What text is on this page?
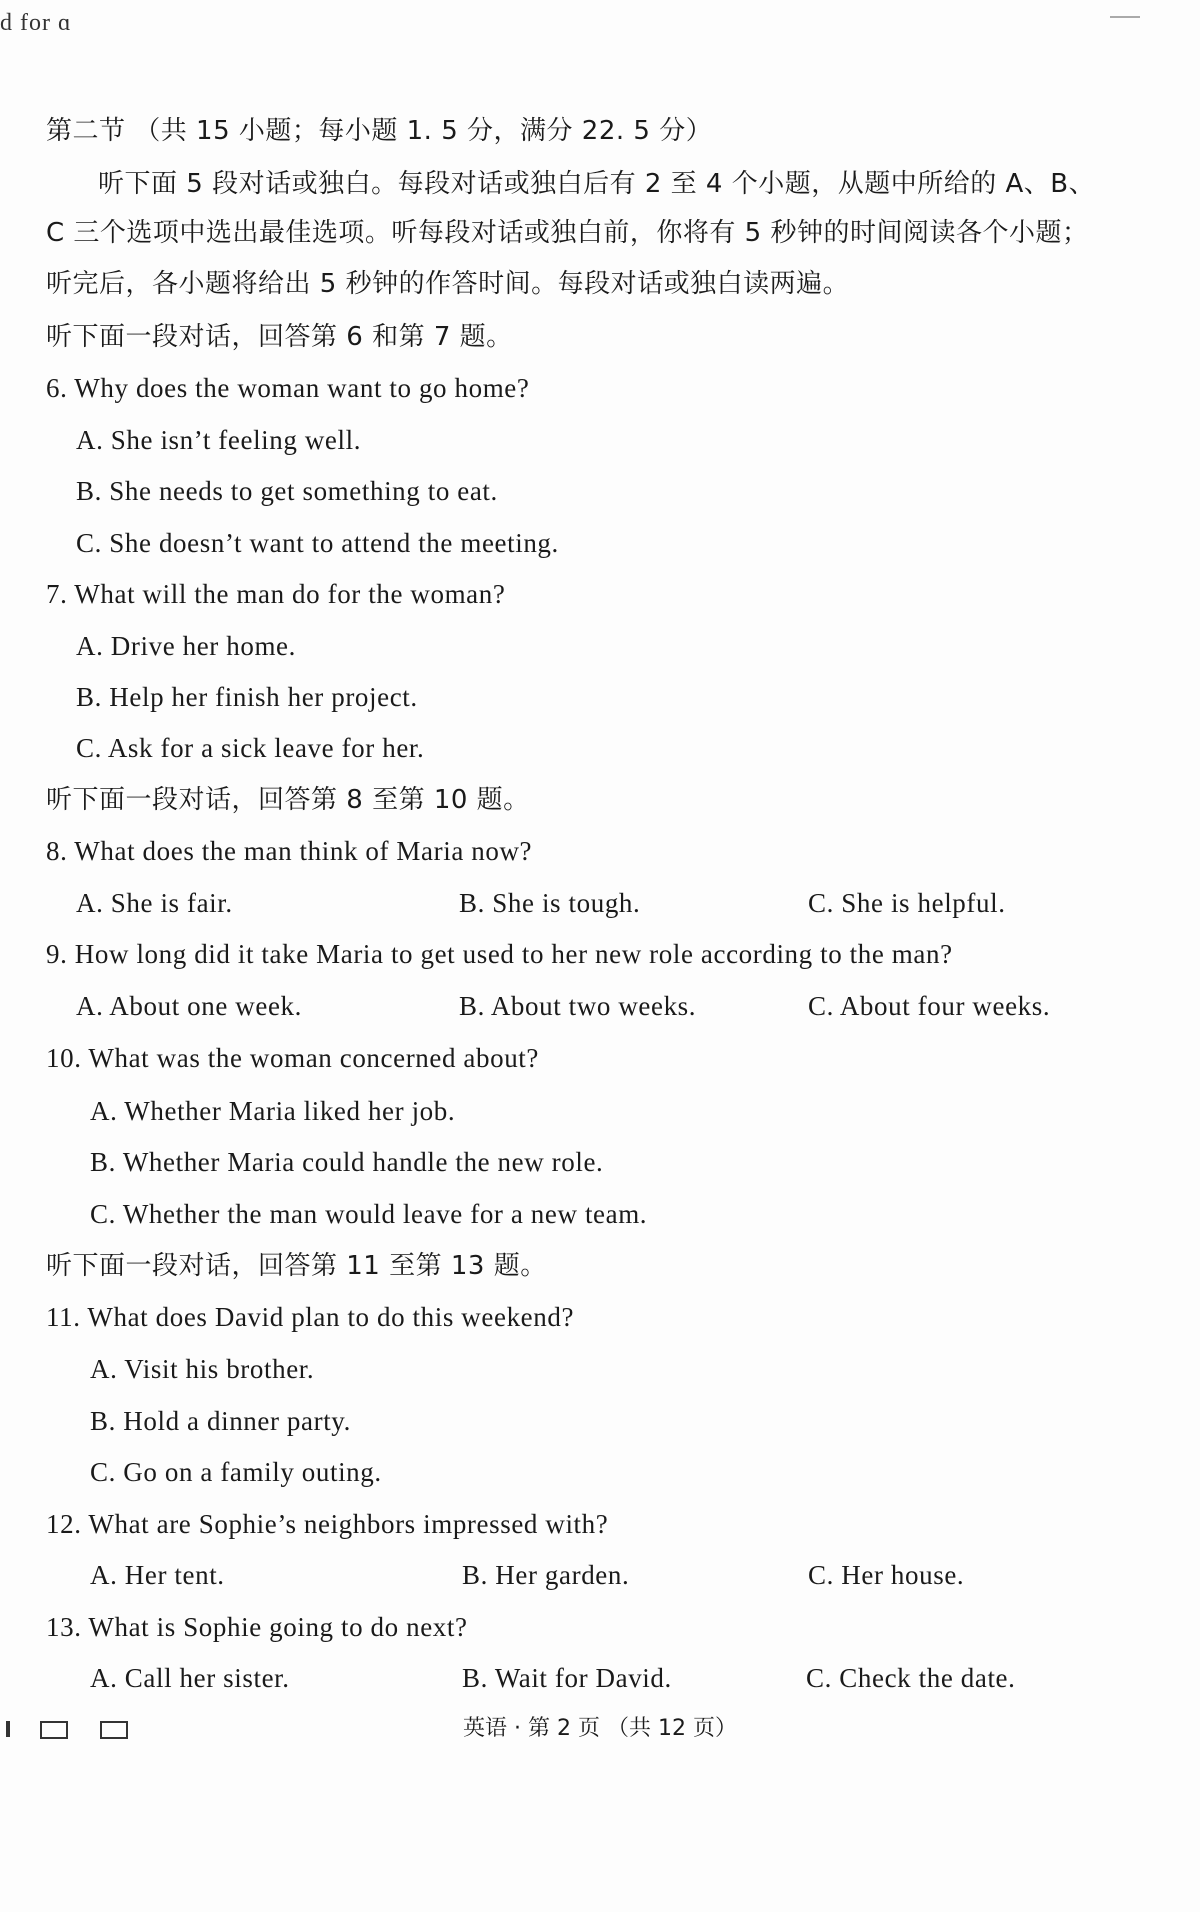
d for ɑ
第二节 （共 15 小题；每小题 1. 5 分，满分 22. 5 分）
听下面 5 段对话或独白。每段对话或独白后有 2 至 4 个小题，从题中所给的 A、B、
C 三个选项中选出最佳选项。听每段对话或独白前，你将有 5 秒钟的时间阅读各个小题；
听完后，各小题将给出 5 秒钟的作答时间。每段对话或独白读两遍。
听下面一段对话，回答第 6 和第 7 题。
6. Why does the woman want to go home?
A. She isn’t feeling well.
B. She needs to get something to eat.
C. She doesn’t want to attend the meeting.
7. What will the man do for the woman?
A. Drive her home.
B. Help her finish her project.
C. Ask for a sick leave for her.
听下面一段对话，回答第 8 至第 10 题。
8. What does the man think of Maria now?
A. She is fair.	B. She is tough.	C. She is helpful.
9. How long did it take Maria to get used to her new role according to the man?
A. About one week.	B. About two weeks.	C. About four weeks.
10. What was the woman concerned about?
A. Whether Maria liked her job.
B. Whether Maria could handle the new role.
C. Whether the man would leave for a new team.
听下面一段对话，回答第 11 至第 13 题。
11. What does David plan to do this weekend?
A. Visit his brother.
B. Hold a dinner party.
C. Go on a family outing.
12. What are Sophie’s neighbors impressed with?
A. Her tent.	B. Her garden.	C. Her house.
13. What is Sophie going to do next?
A. Call her sister.	B. Wait for David.	C. Check the date.
英语 · 第 2 页 （共 12 页）
